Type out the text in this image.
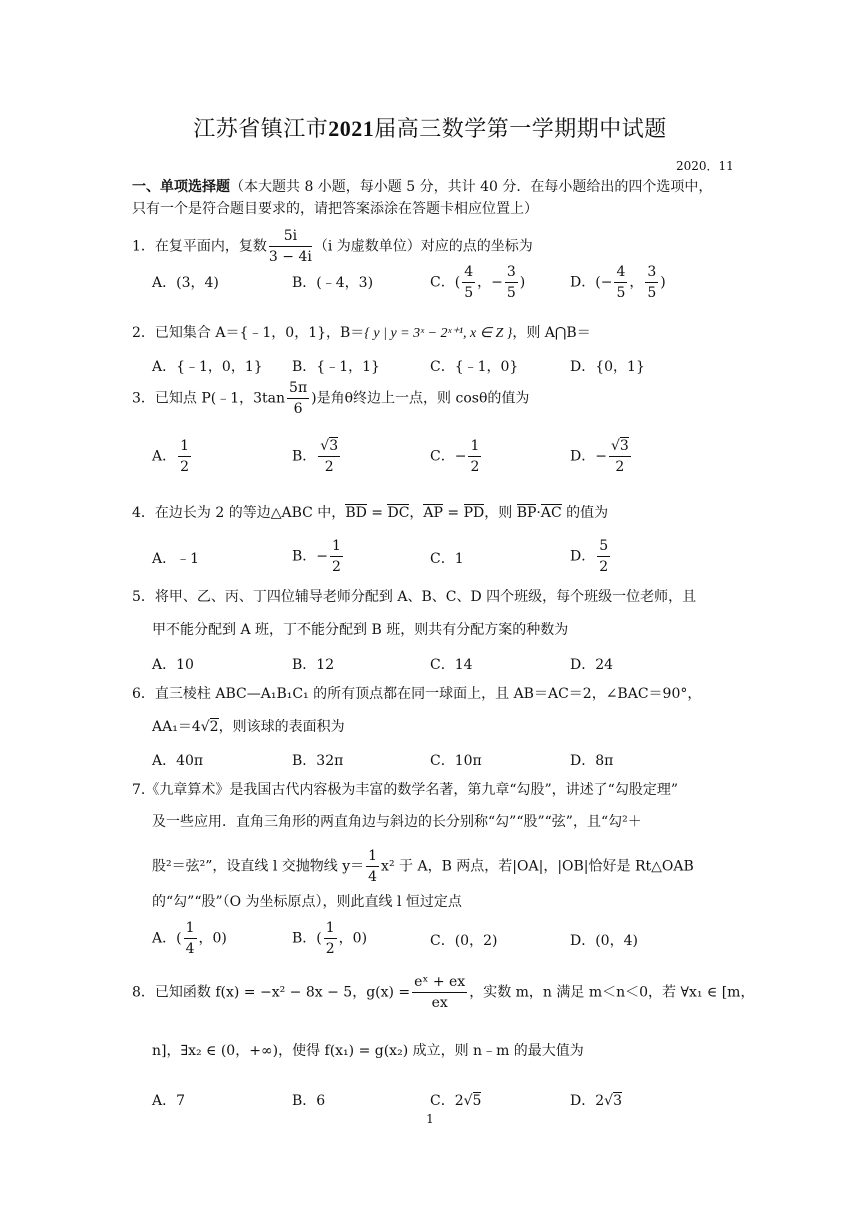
江苏省镇江市2021届高三数学第一学期期中试题
2020．11
一、单项选择题（本大题共 8 小题，每小题 5 分，共计 40 分．在每小题给出的四个选项中，
只有一个是符合题目要求的，请把答案添涂在答题卡相应位置上）
1．在复平面内，复数 $\frac{5i}{3 - 4i} (i$ 为虚数单位）对应的点的坐标为
A．(3，4)	B．(﹣4，3)	C．( $\frac{4}{5}$ ，− $\frac{3}{5}$ )	D．(− $\frac{4}{5}$ ， $\frac{3}{5}$ )
2．已知集合 A＝{﹣1，0，1}，B＝{ y | y = 3ˣ − 2ˣ⁺¹, x ∈ Z }，则 A⋂B＝
A．{﹣1，0，1} B．{﹣1，1}	C．{﹣1，0}	D．{0，1}
3．已知点 P(﹣1，$3\tan \frac{5\pi}{6}$ )是角θ终边上一点，则 cosθ的值为
A． $\frac{1}{2}$	B． $\frac{√3}{2}$	C．− $\frac{1}{2}$	D．− $\frac{√3}{2}$
4．在边长为 2 的等边△ABC 中，BD = DC，AP = PD，则 BP·AC 的值为
A．﹣1	B．− $\frac{1}{2}$	C．1	D． $\frac{5}{2}$
5．将甲、乙、丙、丁四位辅导老师分配到 A、B、C、D 四个班级，每个班级一位老师，且
甲不能分配到 A 班，丁不能分配到 B 班，则共有分配方案的种数为
A．10	B．12	C．14	D．24
6．直三棱柱 ABC—A₁B₁C₁ 的所有顶点都在同一球面上，且 AB＝AC＝2，∠BAC＝90°，
AA₁＝4√2，则该球的表面积为
A．40π	B．32π	C．10π	D．8π
7.《九章算术》是我国古代内容极为丰富的数学名著，第九章“勾股”，讲述了“勾股定理”
及一些应用．直角三角形的两直角边与斜边的长分别称“勾”“股”“弦”，且“勾²＋
股²＝弦²”，设直线 l 交抛物线 $y= \frac{1}{4} x^2$ 于 A，B 两点，若|OA|，|OB|恰好是 Rt△OAB
的“勾”“股”（O 为坐标原点），则此直线 l 恒过定点
A．( $\frac{1}{4}$ ，0)	B．( $\frac{1}{2}$ ，0)	C．(0，2)	D．(0，4)
8．已知函数 f(x) = −x² − 8x − 5，$g(x) = \frac{\text{eˣ + ex}}{ex}$ ，实数 m，n 满足 m＜n＜0，若 ∀x₁ ∈ [m，
n]，∃x₂ ∈ (0，+∞)，使得 f(x₁) = g(x₂) 成立，则 n﹣m 的最大值为
A．7	B．6	C．2√5	D．2√3
1
